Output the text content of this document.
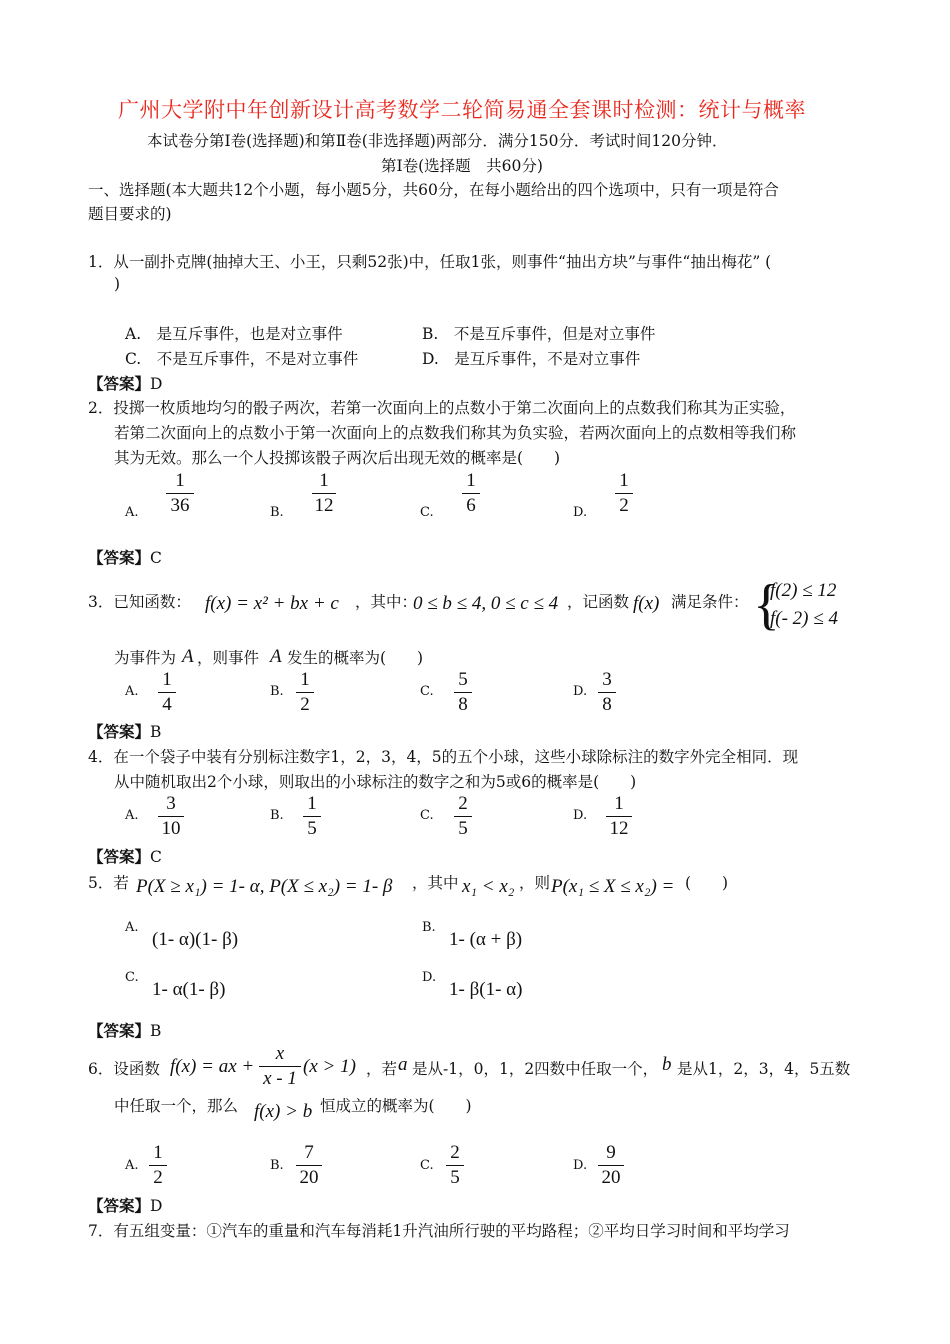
广州大学附中年创新设计高考数学二轮简易通全套课时检测：统计与概率
本试卷分第Ⅰ卷(选择题)和第Ⅱ卷(非选择题)两部分．满分150分．考试时间120分钟．
第Ⅰ卷(选择题　共60分)
一、选择题(本大题共12个小题，每小题5分，共60分，在每小题给出的四个选项中，只有一项是符合
题目要求的)
1．从一副扑克牌(抽掉大王、小王，只剩52张)中，任取1张，则事件“抽出方块”与事件“抽出梅花” (
)
A.　是互斥事件，也是对立事件	B.　不是互斥事件，但是对立事件
C.　不是互斥事件，不是对立事件	D.　是互斥事件，不是对立事件
【答案】D
2．投掷一枚质地均匀的骰子两次，若第一次面向上的点数小于第二次面向上的点数我们称其为正实验，
若第二次面向上的点数小于第一次面向上的点数我们称其为负实验，若两次面向上的点数相等我们称
其为无效。那么一个人投掷该骰子两次后出现无效的概率是(　　)
A.
1
36	B.
1
12	C.
1
6	D.
1
2
【答案】C
3．已知函数： f(x) = x² + bx + c ，其中：
0 ≤ b ≤ 4, 0 ≤ c ≤ 4 ，记函数 f(x) 满足条件： {
f(2) ≤ 12
f(- 2) ≤ 4
为事件为 A ，则事件 A 发生的概率为(　　)
A.
1
4
B.
1
2
C.
5
8
D.
3
8
【答案】B
4．在一个袋子中装有分别标注数字1，2，3，4，5的五个小球，这些小球除标注的数字外完全相同．现
从中随机取出2个小球，则取出的小球标注的数字之和为5或6的概率是(　　)
A.
3
10
B.
1
5
C.
2
5
D.
1
12
【答案】C
5．若 P(X ≥ x₁) = 1- α, P(X ≤ x₂) = 1- β ，其中 x₁ < x₂ ，则 P(x₁ ≤ X ≤ x₂) = (　　)
A.
(1- α)(1- β)
B.
1- (α + β)
C.
1- α(1- β)
D.
1- β(1- α)
【答案】B
6．设函数 f(x) = ax +
x
x - 1
(x > 1) ，若 a 是从-1，0，1，2四数中任取一个， b 是从1，2，3，4，5五数
中任取一个，那么 f(x) > b 恒成立的概率为(　　)
A.
1
2
B.
7
20
C.
2
5
D.
9
20
【答案】D
7．有五组变量：①汽车的重量和汽车每消耗1升汽油所行驶的平均路程；②平均日学习时间和平均学习
